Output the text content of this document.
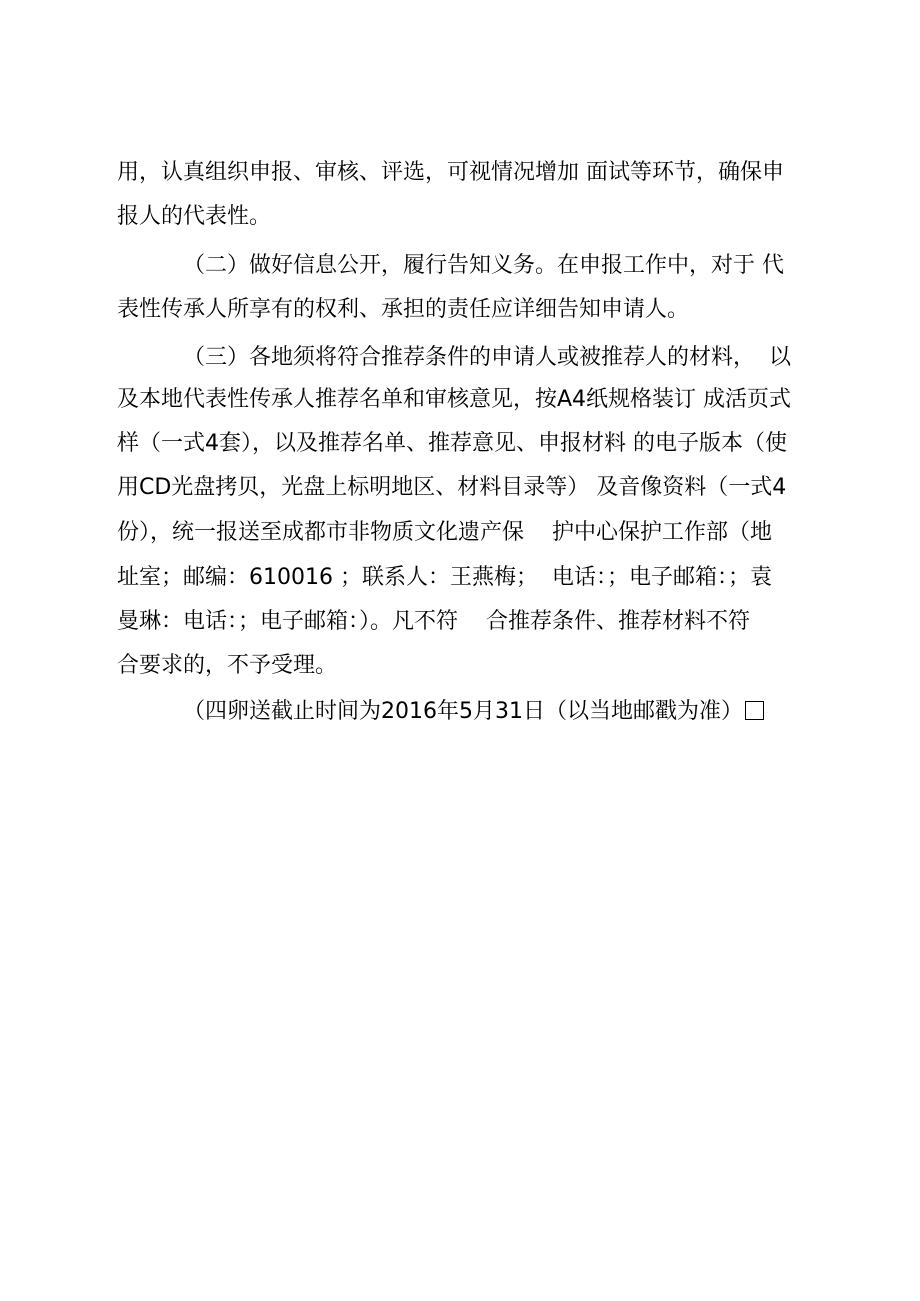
用，认真组织申报、审核、评选，可视情况增加 面试等环节，确保申
报人的代表性。
（二）做好信息公开，履行告知义务。在申报工作中，对于 代
表性传承人所享有的权利、承担的责任应详细告知申请人。
（三）各地须将符合推荐条件的申请人或被推荐人的材料，  以
及本地代表性传承人推荐名单和审核意见，按A4纸规格装订 成活页式
样（一式4套），以及推荐名单、推荐意见、申报材料 的电子版本（使
用CD光盘拷贝，光盘上标明地区、材料目录等） 及音像资料（一式4
份），统一报送至成都市非物质文化遗产保    护中心保护工作部（地
址室；邮编：610016 ；联系人：王燕梅；  电话：；电子邮箱：；袁
曼琳：电话：；电子邮箱：）。凡不符    合推荐条件、推荐材料不符
合要求的，不予受理。
（四卵送截止时间为2016年5月31日（以当地邮戳为准）
